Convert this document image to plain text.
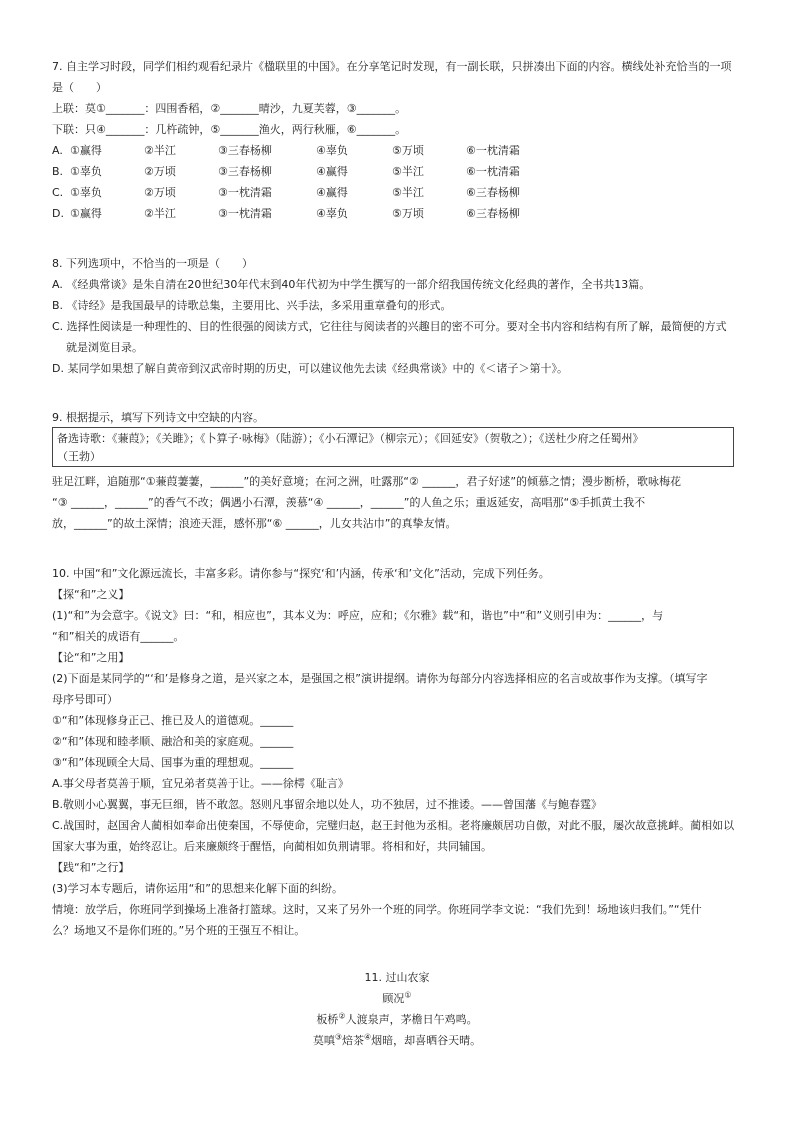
7. 自主学习时段，同学们相约观看纪录片《楹联里的中国》。在分享笔记时发现，有一副长联，只拼凑出下面的内容。横线处补充恰当的一项
是（　　）
上联：莫①_______：四围香稻，②_______晴沙，九夏芙蓉，③_______。
下联：只④_______：几杵疏钟，⑤_______渔火，两行秋雁，⑥_______。
A. ①赢得	②半江	③三春杨柳	④辜负	⑤万顷	⑥一枕清霜
B. ①辜负	②万顷	③三春杨柳	④赢得	⑤半江	⑥一枕清霜
C. ①辜负	②万顷	③一枕清霜	④赢得	⑤半江	⑥三春杨柳
D. ①赢得	②半江	③一枕清霜	④辜负	⑤万顷	⑥三春杨柳
8. 下列选项中，不恰当的一项是（　　）
A. 《经典常谈》是朱自清在20世纪30年代末到40年代初为中学生撰写的一部介绍我国传统文化经典的著作，全书共13篇。
B. 《诗经》是我国最早的诗歌总集，主要用比、兴手法，多采用重章叠句的形式。
C. 选择性阅读是一种理性的、目的性很强的阅读方式，它往往与阅读者的兴趣目的密不可分。要对全书内容和结构有所了解，最简便的方式
就是浏览目录。
D. 某同学如果想了解自黄帝到汉武帝时期的历史，可以建议他先去读《经典常谈》中的《＜诸子＞第十》。
9. 根据提示，填写下列诗文中空缺的内容。
备选诗歌：《蒹葭》；《关雎》；《卜算子·咏梅》（陆游）；《小石潭记》（柳宗元）；《回延安》（贺敬之）；《送杜少府之任蜀州》
（王勃）
驻足江畔，追随那“①蒹葭萋萋，______”的美好意境；在河之洲，吐露那“② ______，君子好逑”的倾慕之情；漫步断桥，歌咏梅花
“③ ______，______”的香气不改；偶遇小石潭，羡慕“④ ______，______”的人鱼之乐；重返延安，高唱那“⑤手抓黄土我不
放，______”的故土深情；浪迹天涯，感怀那“⑥ ______，儿女共沾巾”的真挚友情。
10. 中国“和”文化源远流长，丰富多彩。请你参与“探究‘和’内涵，传承‘和’文化”活动，完成下列任务。
【探“和”之义】
(1)“和”为会意字。《说文》曰：“和，相应也”，其本义为：呼应，应和；《尔雅》载“和，谐也”中“和”义则引申为：______，与
“和”相关的成语有______。
【论“和”之用】
(2)下面是某同学的“‘和’是修身之道，是兴家之本，是强国之根”演讲提纲。请你为每部分内容选择相应的名言或故事作为支撑。（填写字
母序号即可）
①“和”体现修身正己、推已及人的道德观。______
②“和”体现和睦孝顺、融洽和美的家庭观。______
③“和”体现顾全大局、国事为重的理想观。______
A.事父母者莫善于顺，宜兄弟者莫善于让。——徐樗《耻言》
B.敬则小心翼翼，事无巨细，皆不敢忽。怒则凡事留余地以处人，功不独居，过不推诿。——曾国藩《与鲍春霆》
C.战国时，赵国舍人蔺相如奉命出使秦国，不辱使命，完璧归赵，赵王封他为丞相。老将廉颇居功自傲，对此不服，屡次故意挑衅。蔺相如以
国家大事为重，始终忍让。后来廉颇终于醒悟，向蔺相如负荆请罪。将相和好，共同辅国。
【践“和”之行】
(3)学习本专题后，请你运用“和”的思想来化解下面的纠纷。
情境：放学后，你班同学到操场上准备打篮球。这时，又来了另外一个班的同学。你班同学李文说：“我们先到！场地该归我们。”“凭什
么？场地又不是你们班的。”另个班的王强互不相让。
11. 过山农家
顾况①
板桥②人渡泉声，茅檐日午鸡鸣。
莫嗔③焙茶④烟暗，却喜晒谷天晴。
